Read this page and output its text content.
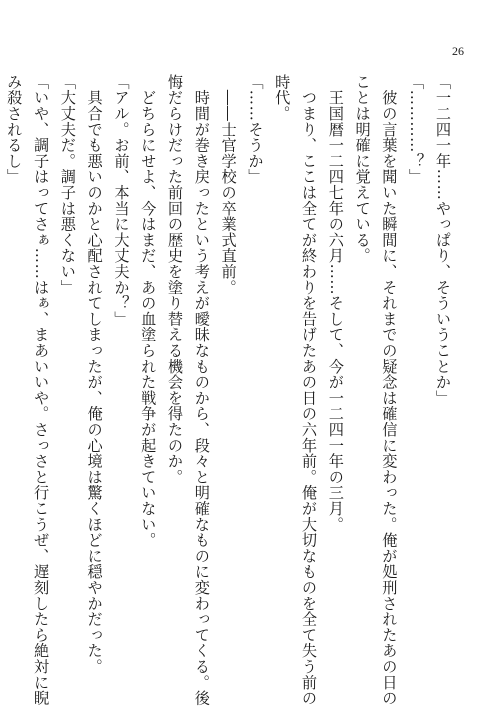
26

「一二四一年……やっぱり、そういうことか」

「…………？」

　彼の言葉を聞いた瞬間に、それまでの疑念は確信に変わった。俺が処刑されたあの日の

ことは明確に覚えている。

　王国暦一二四七年の六月……そして、今が一二四一年の三月。

　つまり、ここは全てが終わりを告げたあの日の六年前。俺が大切なものを全て失う前の

時代。

「……そうか」

　――士官学校の卒業式直前。

　時間が巻き戻ったという考えが曖昧なものから、段々と明確なものに変わってくる。後

悔だらけだった前回の歴史を塗り替える機会を得たのか。

　どちらにせよ、今はまだ、あの血塗られた戦争が起きていない。

「アル。お前、本当に大丈夫か？」

　具合でも悪いのかと心配されてしまったが、俺の心境は驚くほどに穏やかだった。

「大丈夫だ。調子は悪くない」

「いや、調子はってさぁ……はぁ、まあいいや。さっさと行こうぜ、遅刻したら絶対に睨

み殺されるし」
